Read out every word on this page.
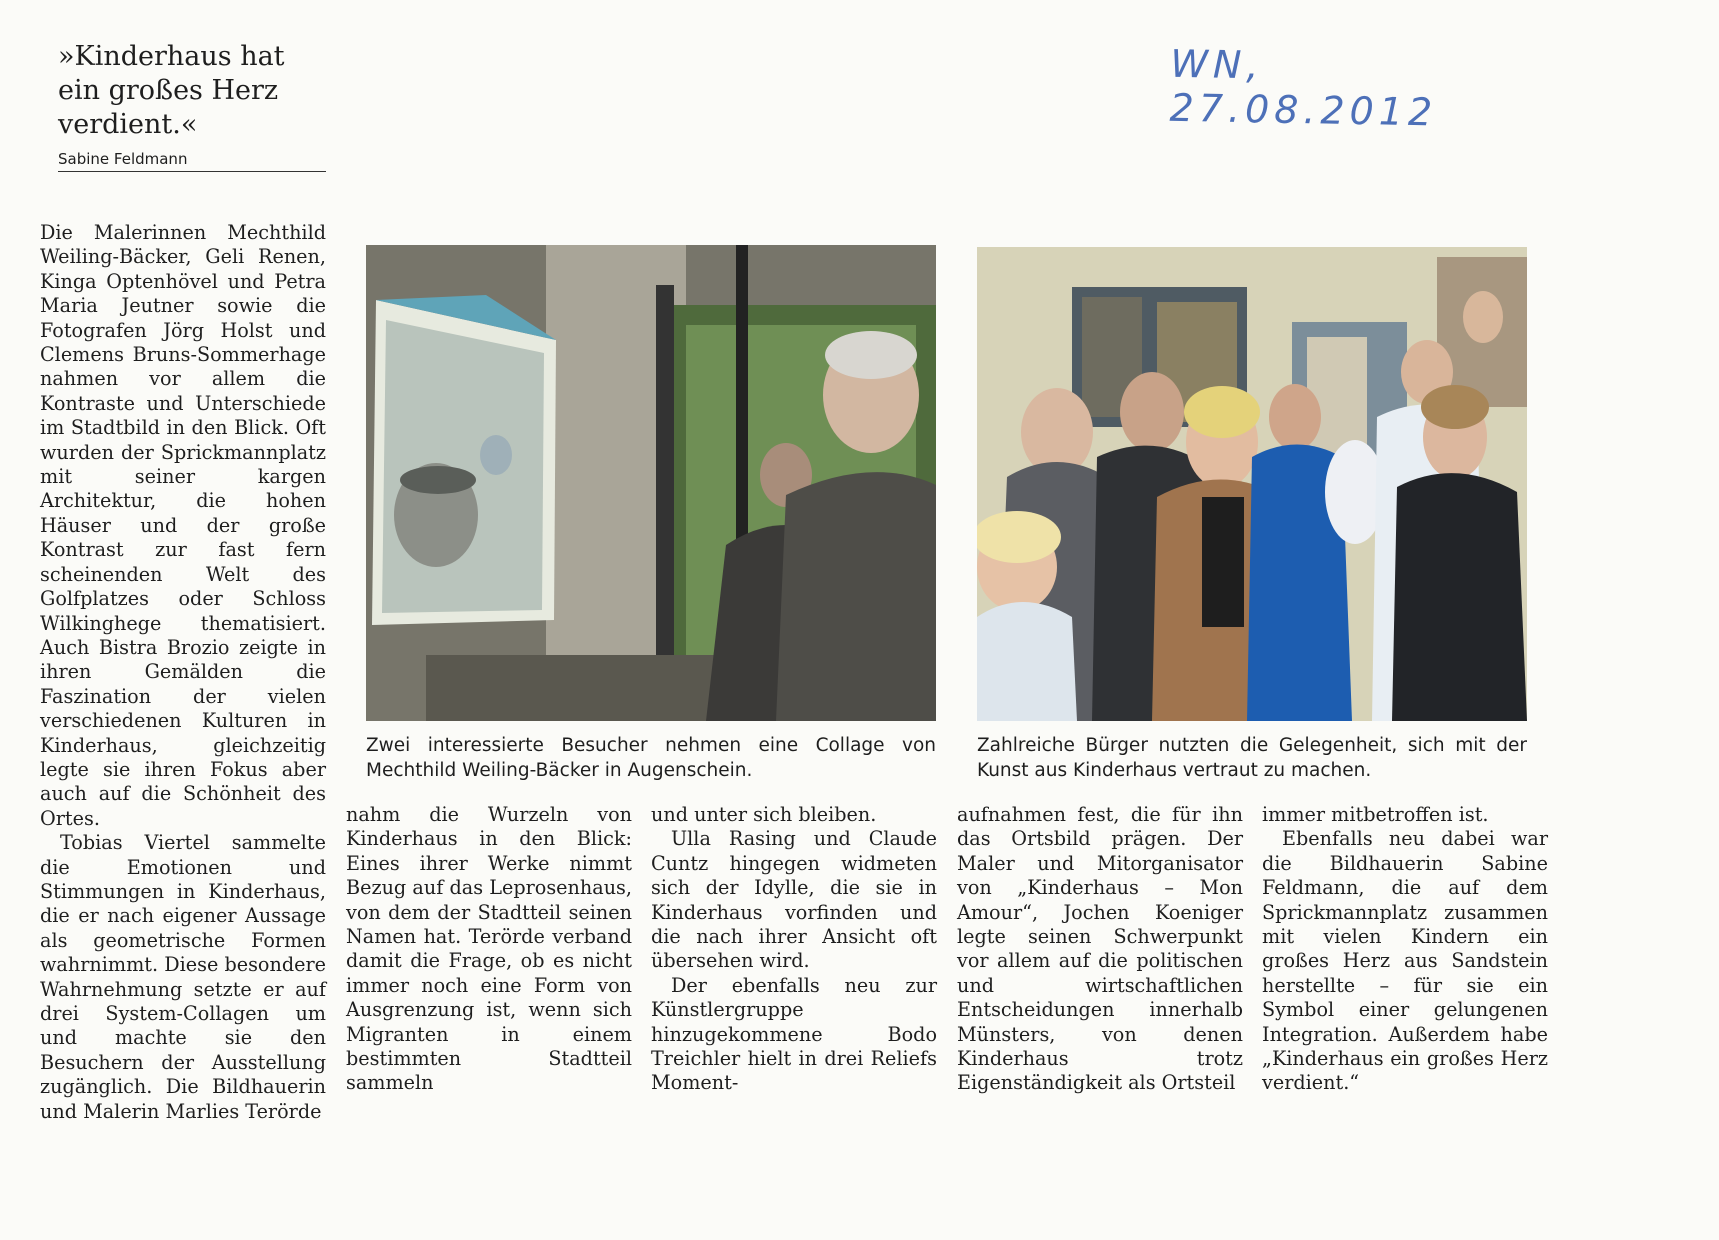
»Kinderhaus hat
ein großes Herz
verdient.«
Sabine Feldmann
WN, 27.08.2012

Die Malerinnen Mechthild Weiling-Bäcker, Geli Renen, Kinga Optenhövel und Petra Maria Jeutner sowie die Fotografen Jörg Holst und Clemens Bruns-Sommerhage nahmen vor allem die Kontraste und Unterschiede im Stadtbild in den Blick. Oft wurden der Sprickmannplatz mit seiner kargen Architektur, die hohen Häuser und der große Kontrast zur fast fern scheinenden Welt des Golfplatzes oder Schloss Wilkinghege thematisiert. Auch Bistra Brozio zeigte in ihren Gemälden die Faszination der vielen verschiedenen Kulturen in Kinderhaus, gleichzeitig legte sie ihren Fokus aber auch auf die Schönheit des Ortes.

Tobias Viertel sammelte die Emotionen und Stimmungen in Kinderhaus, die er nach eigener Aussage als geometrische Formen wahrnimmt. Diese besondere Wahrnehmung setzte er auf drei System-Collagen um und machte sie den Besuchern der Ausstellung zugänglich. Die Bildhauerin und Malerin Marlies Terörde

nahm die Wurzeln von Kinderhaus in den Blick: Eines ihrer Werke nimmt Bezug auf das Leprosenhaus, von dem der Stadtteil seinen Namen hat. Terörde verband damit die Frage, ob es nicht immer noch eine Form von Ausgrenzung ist, wenn sich Migranten in einem bestimmten Stadtteil sammeln

und unter sich bleiben.

Ulla Rasing und Claude Cuntz hingegen widmeten sich der Idylle, die sie in Kinderhaus vorfinden und die nach ihrer Ansicht oft übersehen wird.

Der ebenfalls neu zur Künstlergruppe hinzugekommene Bodo Treichler hielt in drei Reliefs Moment-

aufnahmen fest, die für ihn das Ortsbild prägen. Der Maler und Mitorganisator von „Kinderhaus – Mon Amour“, Jochen Koeniger legte seinen Schwerpunkt vor allem auf die politischen und wirtschaftlichen Entscheidungen innerhalb Münsters, von denen Kinderhaus trotz Eigenständigkeit als Ortsteil

immer mitbetroffen ist.

Ebenfalls neu dabei war die Bildhauerin Sabine Feldmann, die auf dem Sprickmannplatz zusammen mit vielen Kindern ein großes Herz aus Sandstein herstellte – für sie ein Symbol einer gelungenen Integration. Außerdem habe „Kinderhaus ein großes Herz verdient.“

Zwei interessierte Besucher nehmen eine Collage von Mechthild Weiling-Bäcker in Augenschein.

Zahlreiche Bürger nutzten die Gelegenheit, sich mit der Kunst aus Kinderhaus vertraut zu machen.
